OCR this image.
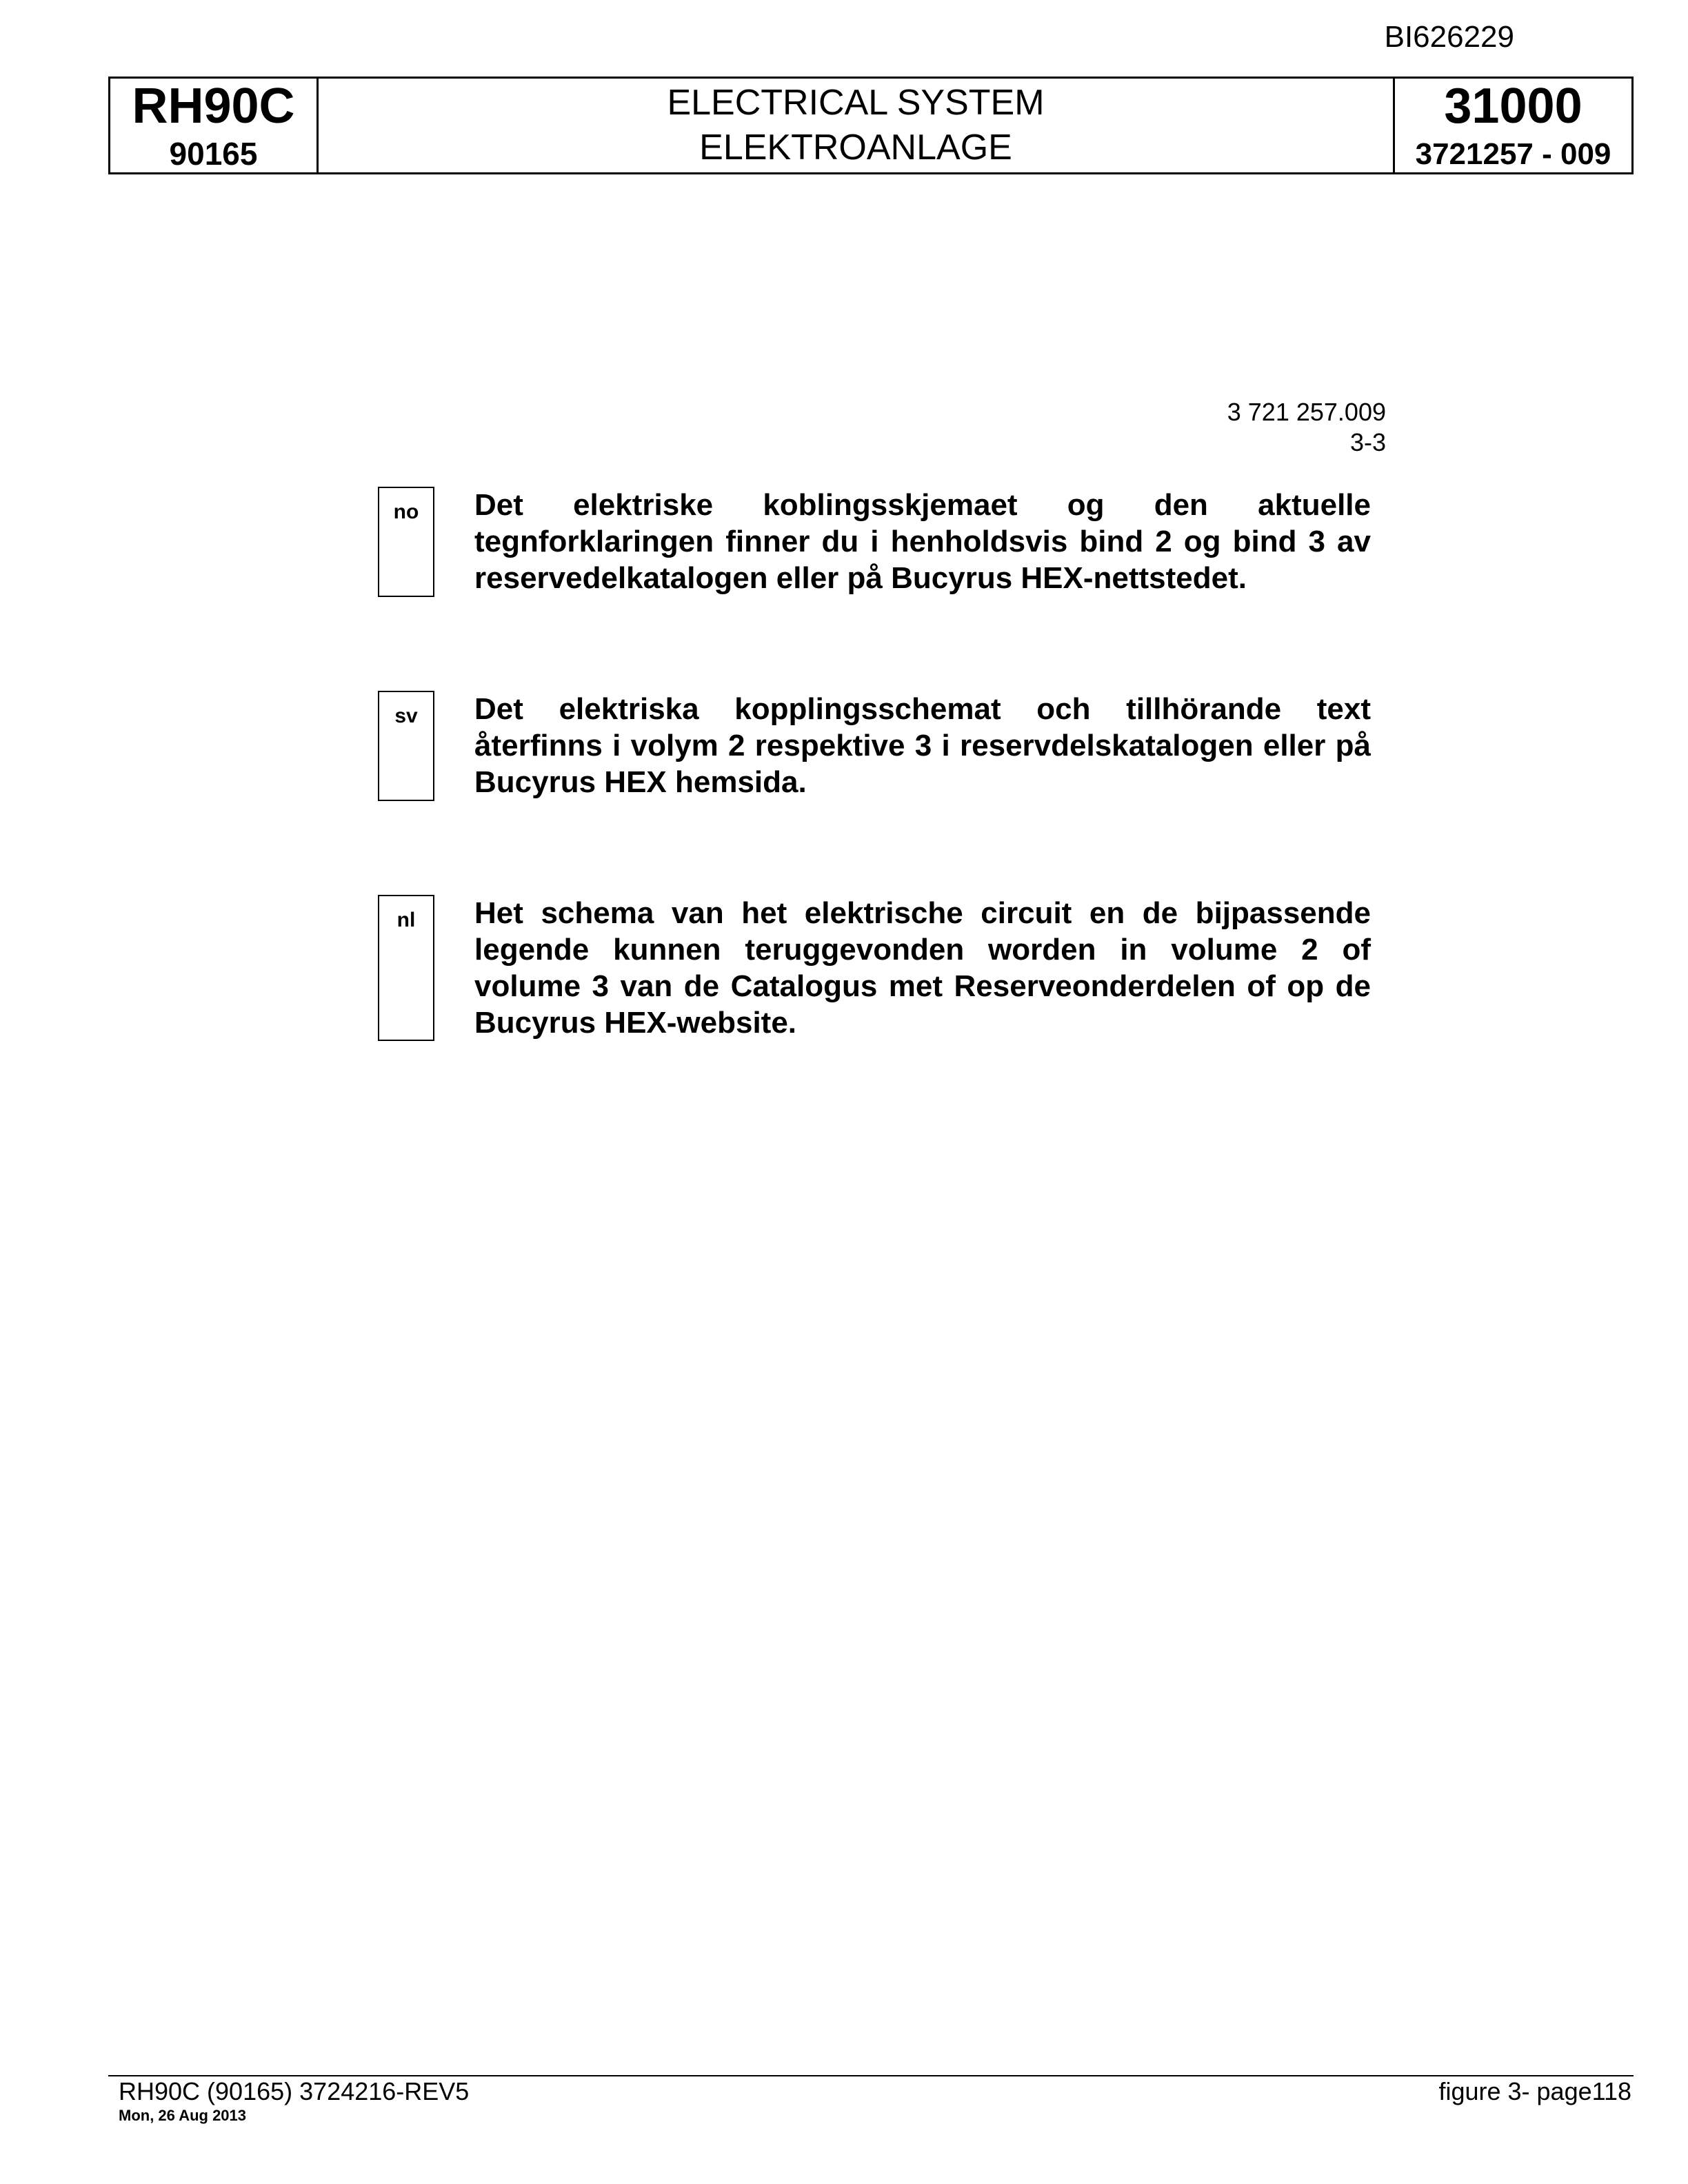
BI626229
RH90C
90165
ELECTRICAL SYSTEM
ELEKTROANLAGE
31000
3721257 - 009
3 721 257.009
3-3
no	Det elektriske koblingsskjemaet og den aktuelle tegnforklaringen finner du i henholdsvis bind 2 og bind 3 av reservedelkatalogen eller på Bucyrus HEX-nettstedet.

sv	Det elektriska kopplingsschemat och tillhörande text återfinns i volym 2 respektive 3 i reservdelskatalogen eller på Bucyrus HEX hemsida.

nl	Het schema van het elektrische circuit en de bijpassende legende kunnen teruggevonden worden in volume 2 of volume 3 van de Catalogus met Reserveonderdelen of op de Bucyrus HEX-website.

RH90C (90165) 3724216-REV5
Mon, 26 Aug 2013
figure 3- page118
